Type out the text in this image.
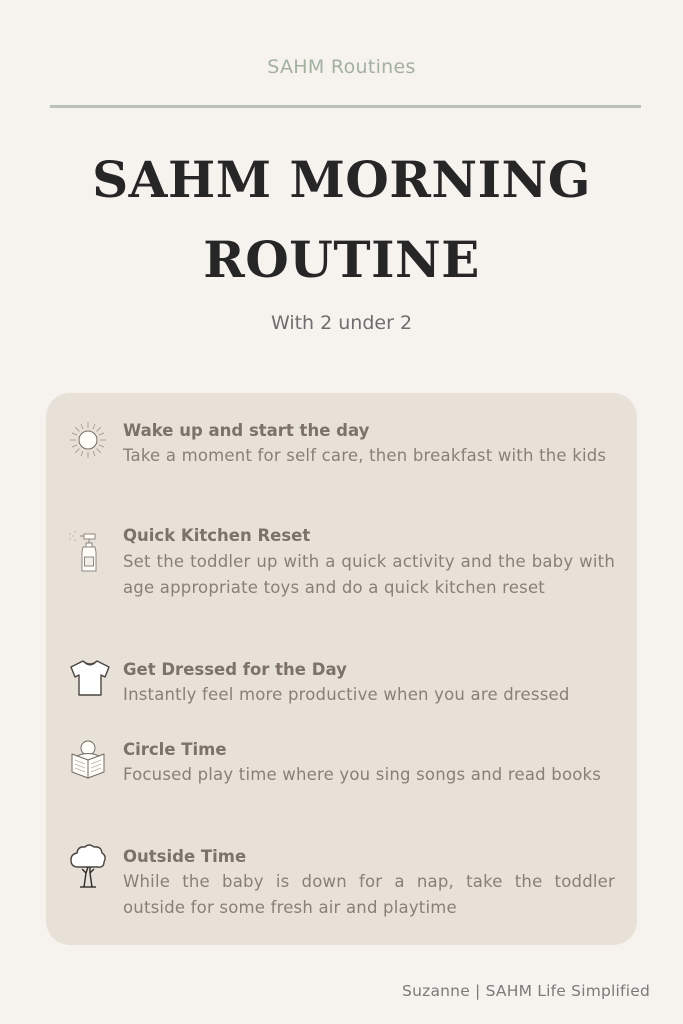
SAHM Routines
SAHM MORNING ROUTINE
With 2 under 2
Wake up and start the day
Take a moment for self care, then breakfast with the kids
Quick Kitchen Reset
Set the toddler up with a quick activity and the baby with age appropriate toys and do a quick kitchen reset
Get Dressed for the Day
Instantly feel more productive when you are dressed
Circle Time
Focused play time where you sing songs and read books
Outside Time
While the baby is down for a nap, take the toddler outside for some fresh air and playtime
Suzanne | SAHM Life Simplified
